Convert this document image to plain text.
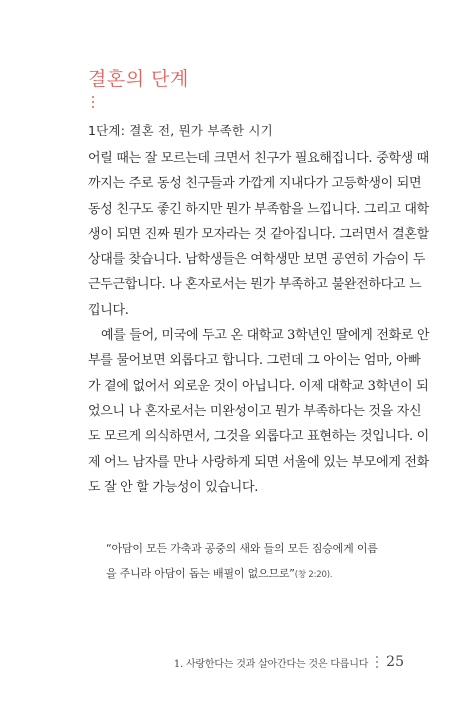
결혼의 단계
1단계: 결혼 전, 뭔가 부족한 시기
어릴 때는 잘 모르는데 크면서 친구가 필요해집니다. 중학생 때
까지는 주로 동성 친구들과 가깝게 지내다가 고등학생이 되면
동성 친구도 좋긴 하지만 뭔가 부족함을 느낍니다. 그리고 대학
생이 되면 진짜 뭔가 모자라는 것 같아집니다. 그러면서 결혼할
상대를 찾습니다. 남학생들은 여학생만 보면 공연히 가슴이 두
근두근합니다. 나 혼자로서는 뭔가 부족하고 불완전하다고 느
낍니다.
예를 들어, 미국에 두고 온 대학교 3학년인 딸에게 전화로 안
부를 물어보면 외롭다고 합니다. 그런데 그 아이는 엄마, 아빠
가 곁에 없어서 외로운 것이 아닙니다. 이제 대학교 3학년이 되
었으니 나 혼자로서는 미완성이고 뭔가 부족하다는 것을 자신
도 모르게 의식하면서, 그것을 외롭다고 표현하는 것입니다. 이
제 어느 남자를 만나 사랑하게 되면 서울에 있는 부모에게 전화
도 잘 안 할 가능성이 있습니다.
“아담이 모든 가축과 공중의 새와 들의 모든 짐승에게 이름
을 주니라 아담이 돕는 배필이 없으므로”(창 2:20).
1. 사랑한다는 것과 살아간다는 것은 다릅니다 25
